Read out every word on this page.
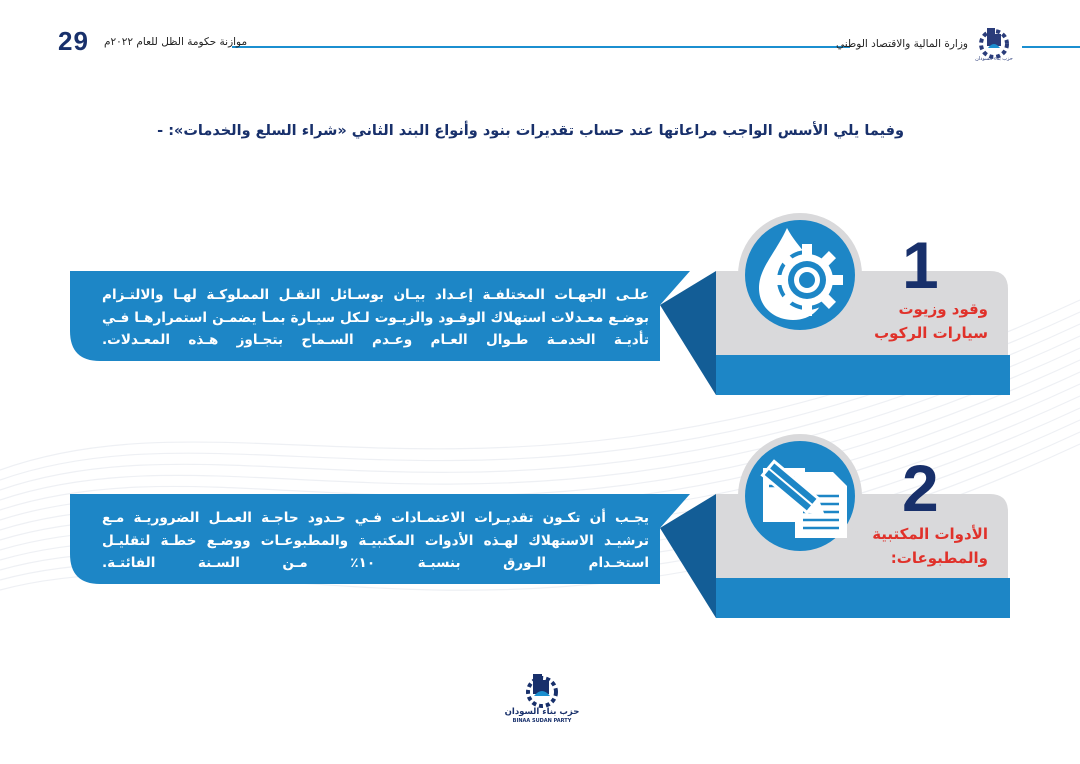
29 موازنة حكومة الظل للعام ٢٠٢٢م	وزارة المالية والاقتصاد الوطني
حزب بناء السودان
وفيما يلي الأسس الواجب مراعاتها عند حساب تقديرات بنود وأنواع البند الثاني «شراء السلع والخدمات»: -
1
وقود وزيوت
سيارات الركوب
علـى الجهـات المختلفـة إعـداد بيـان بوسـائل النقـل المملوكـة لهـا والالتـزام بوضـع معـدلات استهلاك الوقـود والزيـوت لـكل سيـارة بمـا يضمـن استمرارهـا فـي تأديـة الخدمـة طـوال العـام وعـدم السـماح بتجـاوز هـذه المعـدلات.
2
الأدوات المكتبية
والمطبوعات:
يجـب أن تكـون تقديـرات الاعتمـادات فـي حـدود حاجـة العمـل الضروريـة مـع ترشيـد الاستهلاك لهـذه الأدوات المكتبيـة والمطبوعـات ووضـع خطـة لتقليـل استخـدام الـورق بنسبـة ١٠٪ مـن السـنة الفائتـة.
حزب بناء السودان
BINAA SUDAN PARTY
